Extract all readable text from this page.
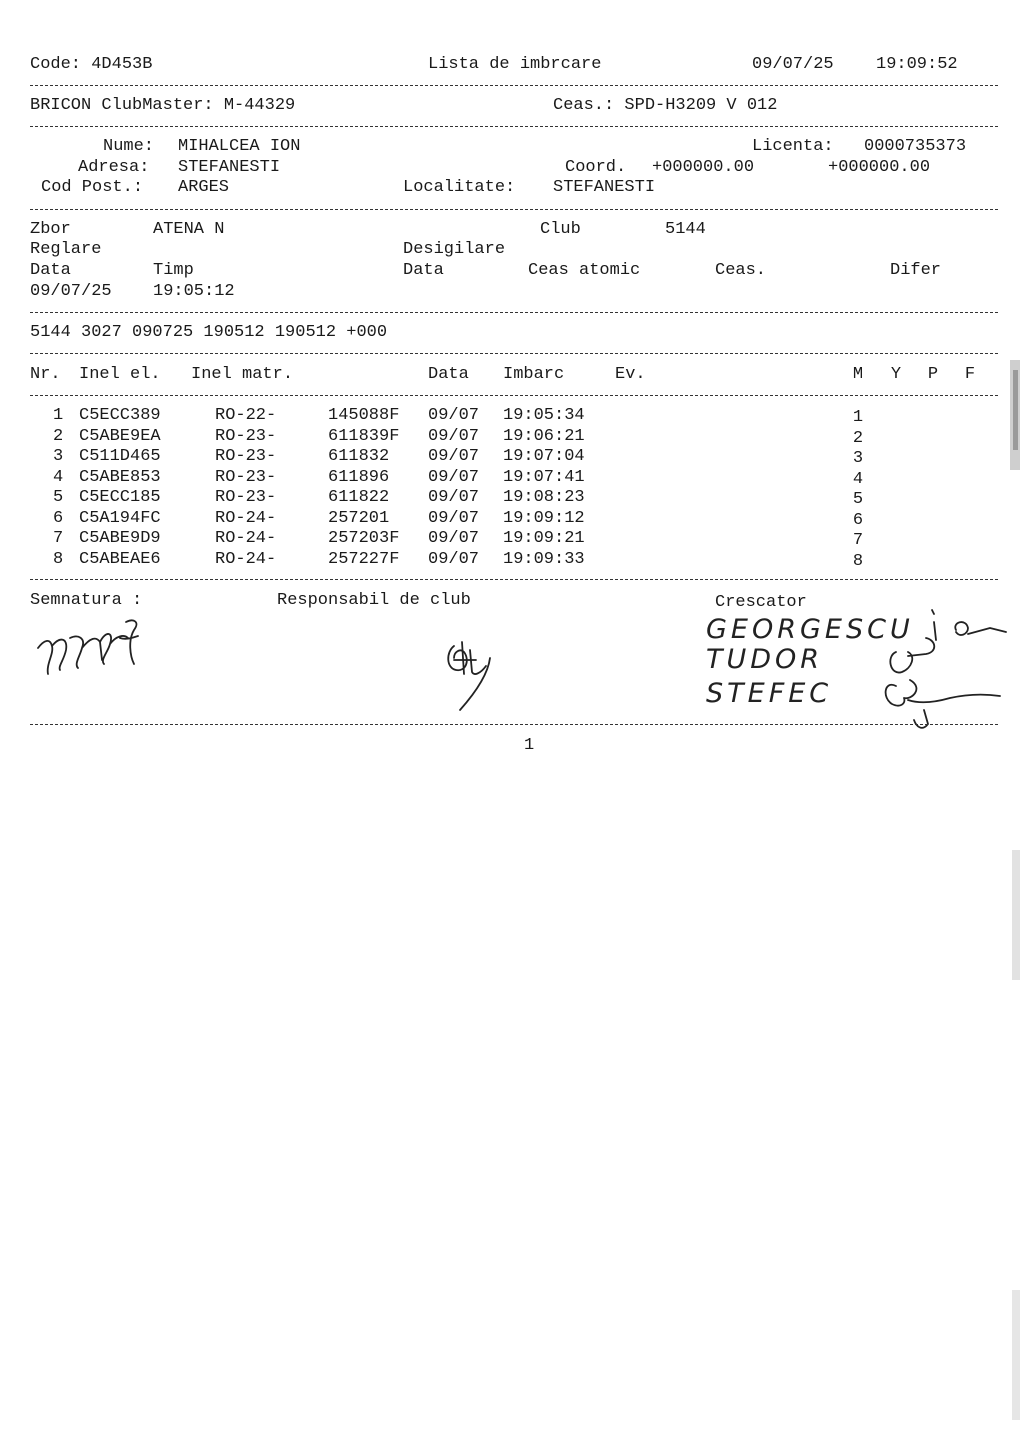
Code: 4D453B	Lista de imbrcare	09/07/25 19:09:52
BRICON ClubMaster: M-44329	Ceas.: SPD-H3209 V 012
Nume: MIHALCEA ION	Licenta: 0000735373
Adresa: STEFANESTI	Coord. +000000.00	+000000.00
Cod Post.: ARGES	Localitate: STEFANESTI
Zbor	ATENA N	Club	5144
Reglare	Desigilare
Data	Timp	Data	Ceas atomic	Ceas.	Difer
09/07/25 19:05:12
5144 3027 090725 190512 190512 +000
Nr. Inel el. Inel matr.	Data Imbarc	Ev.	M Y P F
1 C5ECC389	RO-22-	145088F 09/07 19:05:34	1
2 C5ABE9EA	RO-23-	611839F 09/07 19:06:21	2
3 C511D465	RO-23-	611832 09/07 19:07:04	3
4 C5ABE853	RO-23-	611896 09/07 19:07:41	4
5 C5ECC185	RO-23-	611822 09/07 19:08:23	5
6 C5A194FC	RO-24-	257201 09/07 19:09:12	6
7 C5ABE9D9	RO-24-	257203F 09/07 19:09:21	7
8 C5ABEAE6	RO-24-	257227F 09/07 19:09:33	8
Semnatura :	Responsabil de club	Crescator
GEORGESCU
TUDOR
STEFEC
1
